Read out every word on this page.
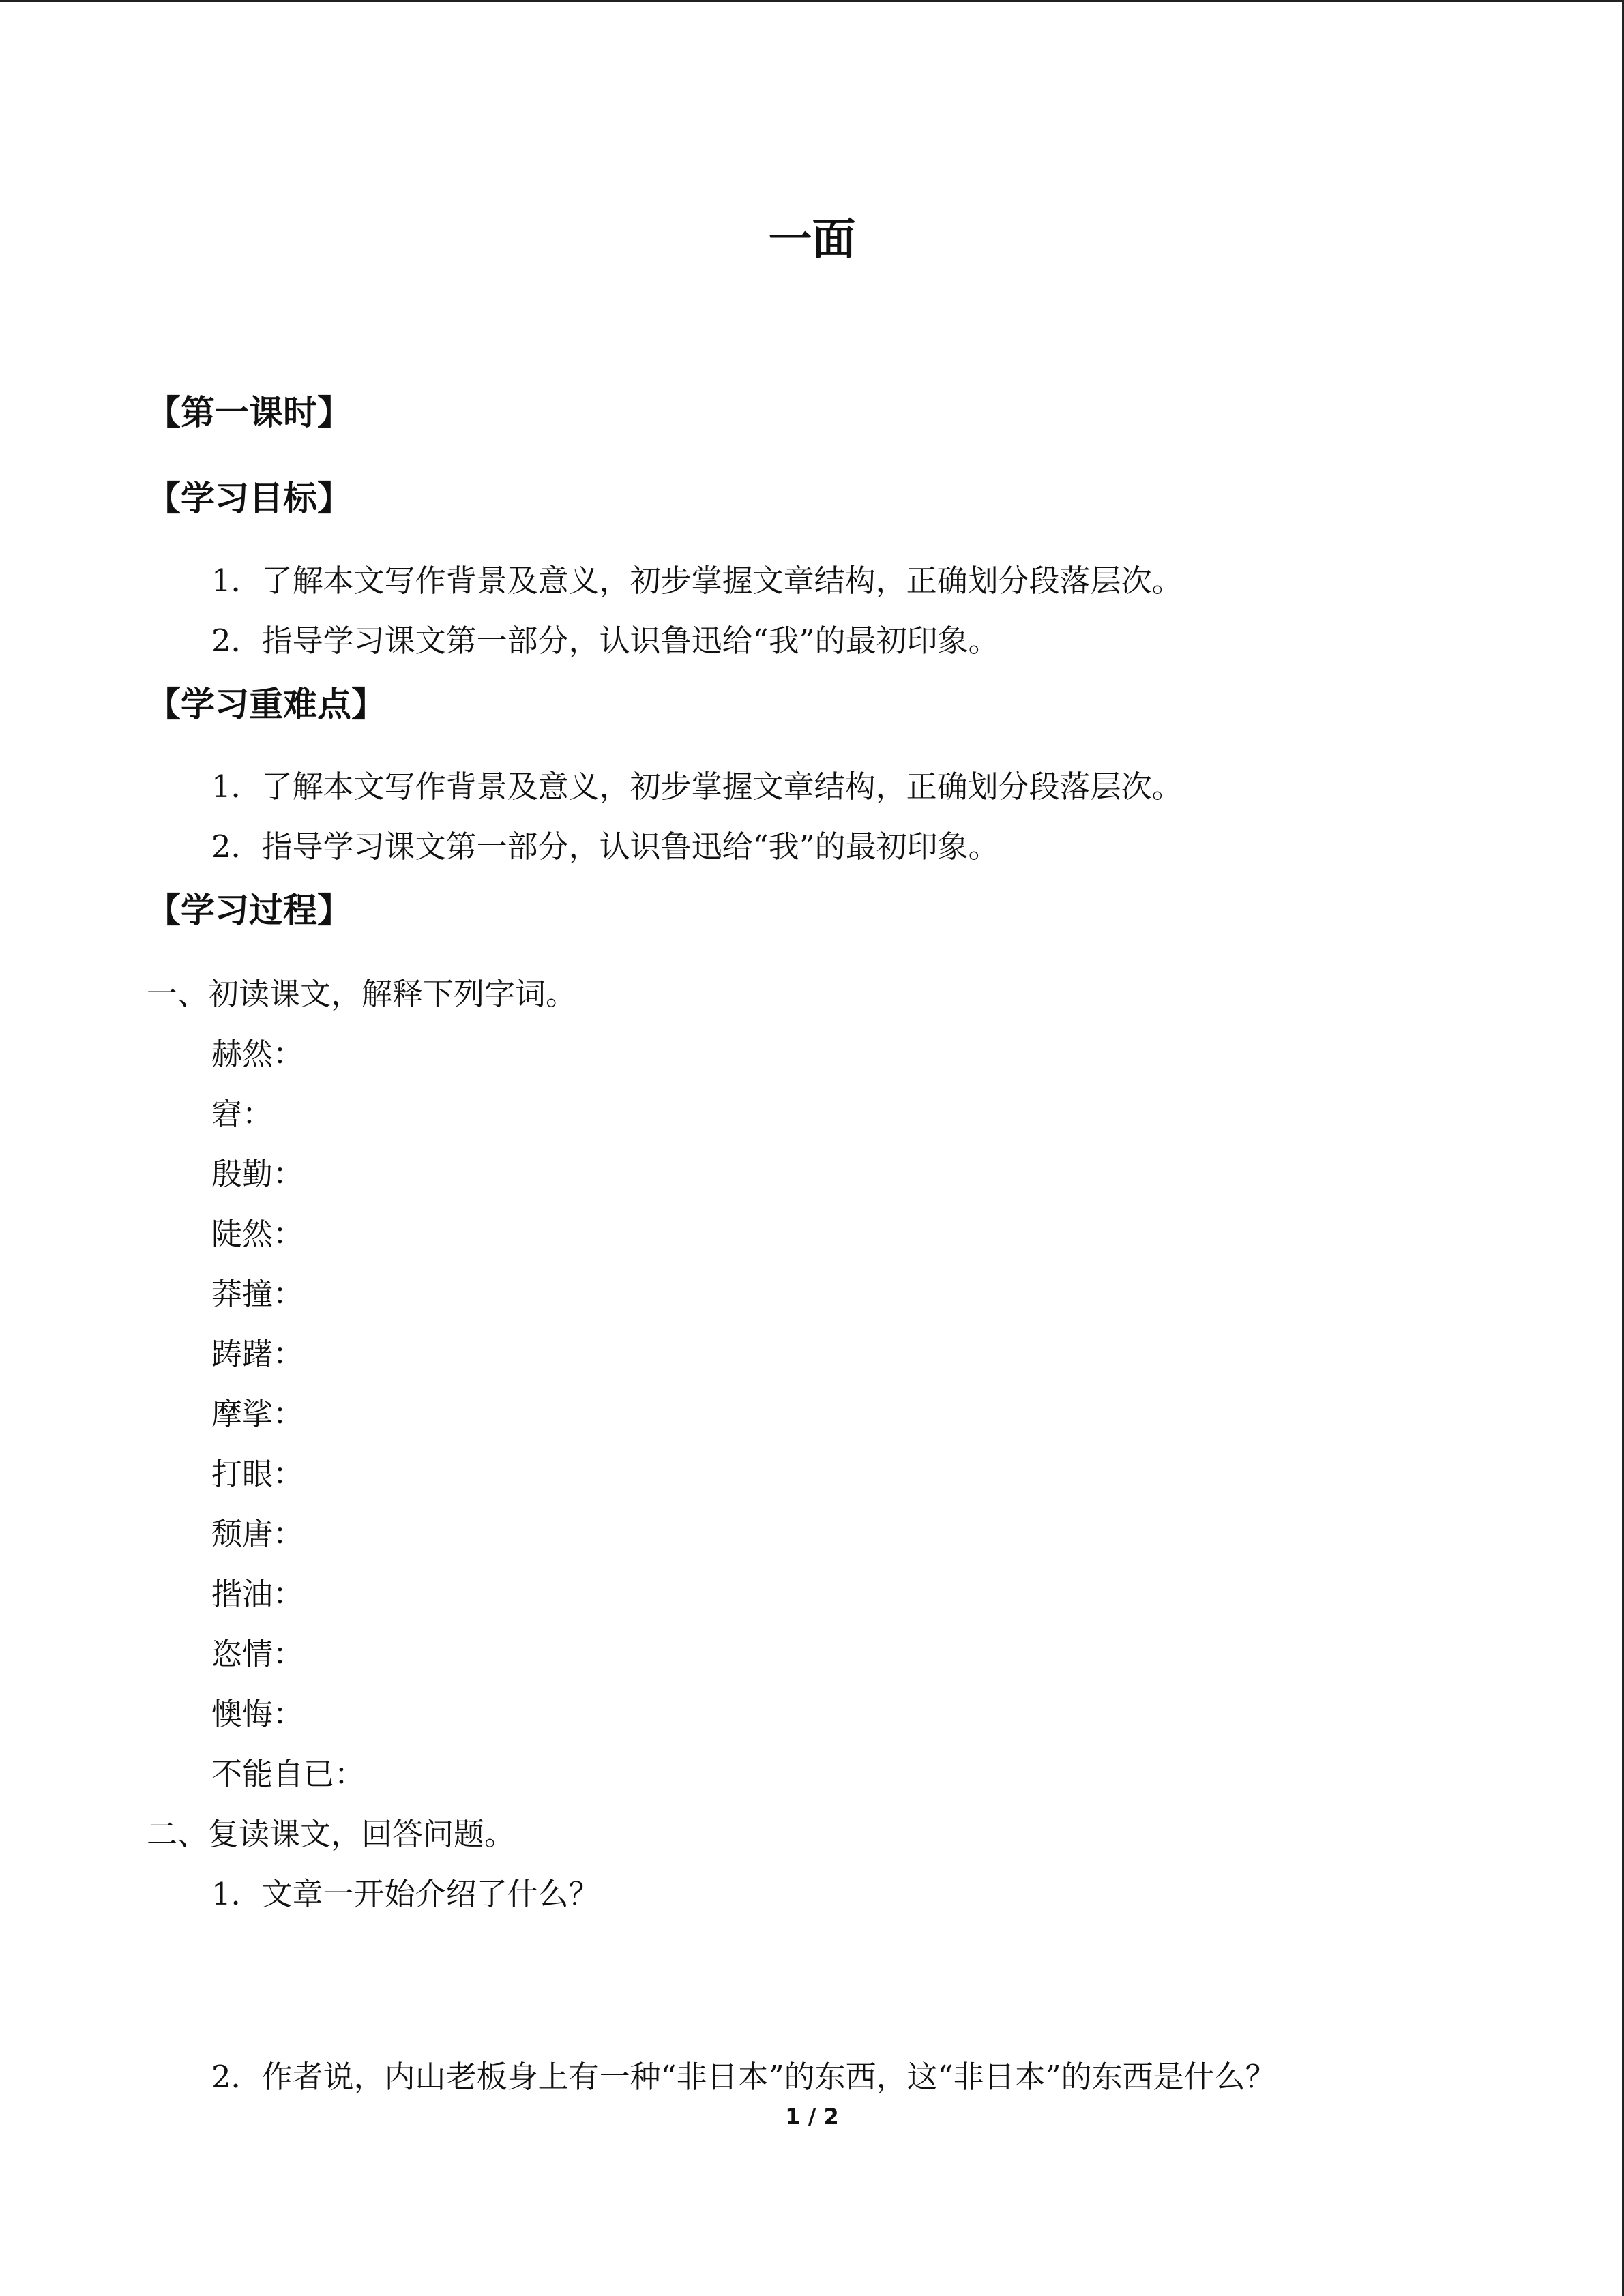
一面
【第一课时】
【学习目标】
1．了解本文写作背景及意义，初步掌握文章结构，正确划分段落层次。
2．指导学习课文第一部分，认识鲁迅给“我”的最初印象。
【学习重难点】
1．了解本文写作背景及意义，初步掌握文章结构，正确划分段落层次。
2．指导学习课文第一部分，认识鲁迅给“我”的最初印象。
【学习过程】
一、初读课文，解释下列字词。
赫然：
窘：
殷勤：
陡然：
莽撞：
踌躇：
摩挲：
打眼：
颓唐：
揩油：
恣情：
懊悔：
不能自已：
二、复读课文，回答问题。
1．文章一开始介绍了什么？
2．作者说，内山老板身上有一种“非日本”的东西，这“非日本”的东西是什么？
1 / 2
